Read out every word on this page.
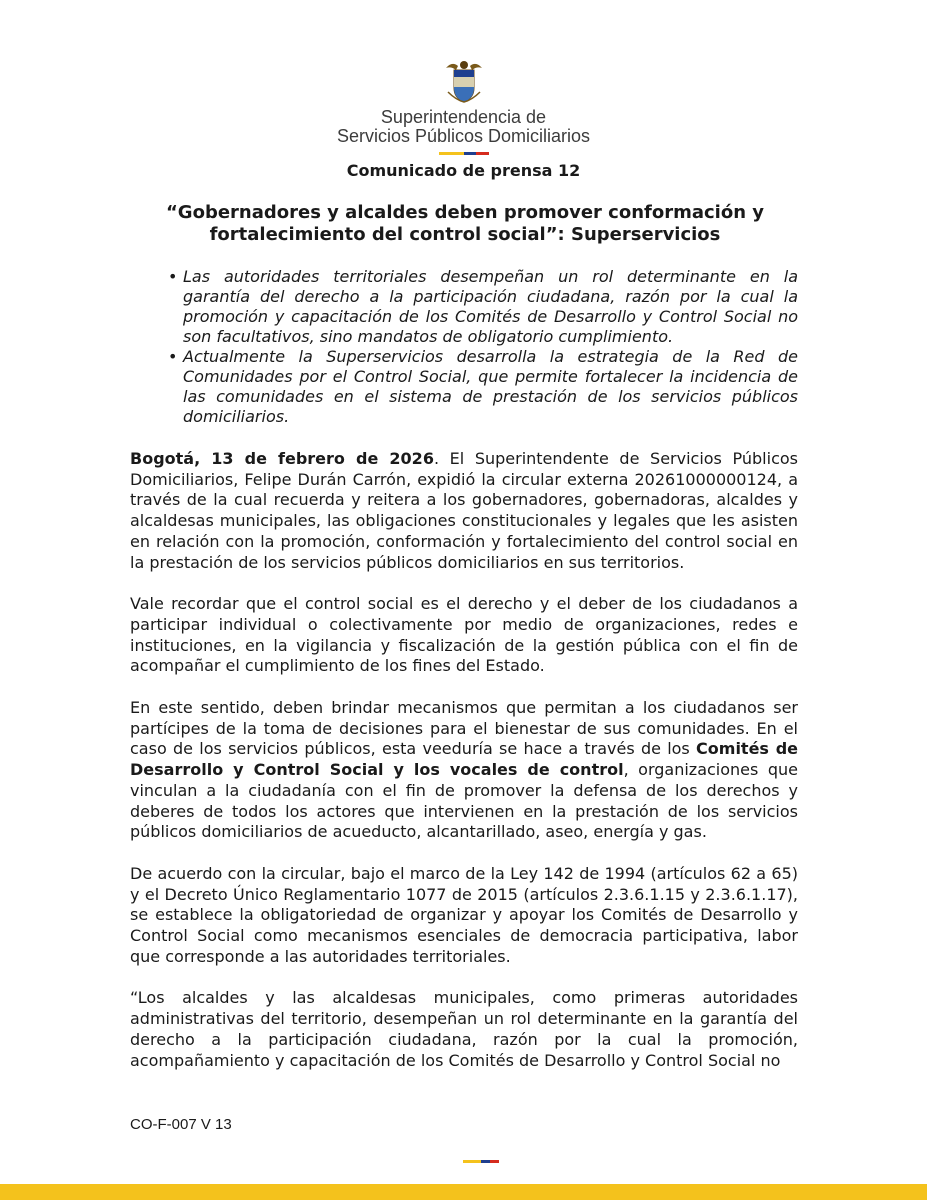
Superintendencia de
Servicios Públicos Domiciliarios
Comunicado de prensa 12
“Gobernadores y alcaldes deben promover conformación y
fortalecimiento del control social”: Superservicios
• Las autoridades territoriales desempeñan un rol determinante en la garantía del derecho a la participación ciudadana, razón por la cual la promoción y capacitación de los Comités de Desarrollo y Control Social no son facultativos, sino mandatos de obligatorio cumplimiento.
• Actualmente la Superservicios desarrolla la estrategia de la Red de Comunidades por el Control Social, que permite fortalecer la incidencia de las comunidades en el sistema de prestación de los servicios públicos domiciliarios.

Bogotá, 13 de febrero de 2026. El Superintendente de Servicios Públicos Domiciliarios, Felipe Durán Carrón, expidió la circular externa 20261000000124, a través de la cual recuerda y reitera a los gobernadores, gobernadoras, alcaldes y alcaldesas municipales, las obligaciones constitucionales y legales que les asisten en relación con la promoción, conformación y fortalecimiento del control social en la prestación de los servicios públicos domiciliarios en sus territorios.

Vale recordar que el control social es el derecho y el deber de los ciudadanos a participar individual o colectivamente por medio de organizaciones, redes e instituciones, en la vigilancia y fiscalización de la gestión pública con el fin de acompañar el cumplimiento de los fines del Estado.

En este sentido, deben brindar mecanismos que permitan a los ciudadanos ser partícipes de la toma de decisiones para el bienestar de sus comunidades. En el caso de los servicios públicos, esta veeduría se hace a través de los Comités de Desarrollo y Control Social y los vocales de control, organizaciones que vinculan a la ciudadanía con el fin de promover la defensa de los derechos y deberes de todos los actores que intervienen en la prestación de los servicios públicos domiciliarios de acueducto, alcantarillado, aseo, energía y gas.

De acuerdo con la circular, bajo el marco de la Ley 142 de 1994 (artículos 62 a 65) y el Decreto Único Reglamentario 1077 de 2015 (artículos 2.3.6.1.15 y 2.3.6.1.17), se establece la obligatoriedad de organizar y apoyar los Comités de Desarrollo y Control Social como mecanismos esenciales de democracia participativa, labor que corresponde a las autoridades territoriales.

“Los alcaldes y las alcaldesas municipales, como primeras autoridades administrativas del territorio, desempeñan un rol determinante en la garantía del derecho a la participación ciudadana, razón por la cual la promoción, acompañamiento y capacitación de los Comités de Desarrollo y Control Social no

CO-F-007 V 13
www.superservicios.gov.co
